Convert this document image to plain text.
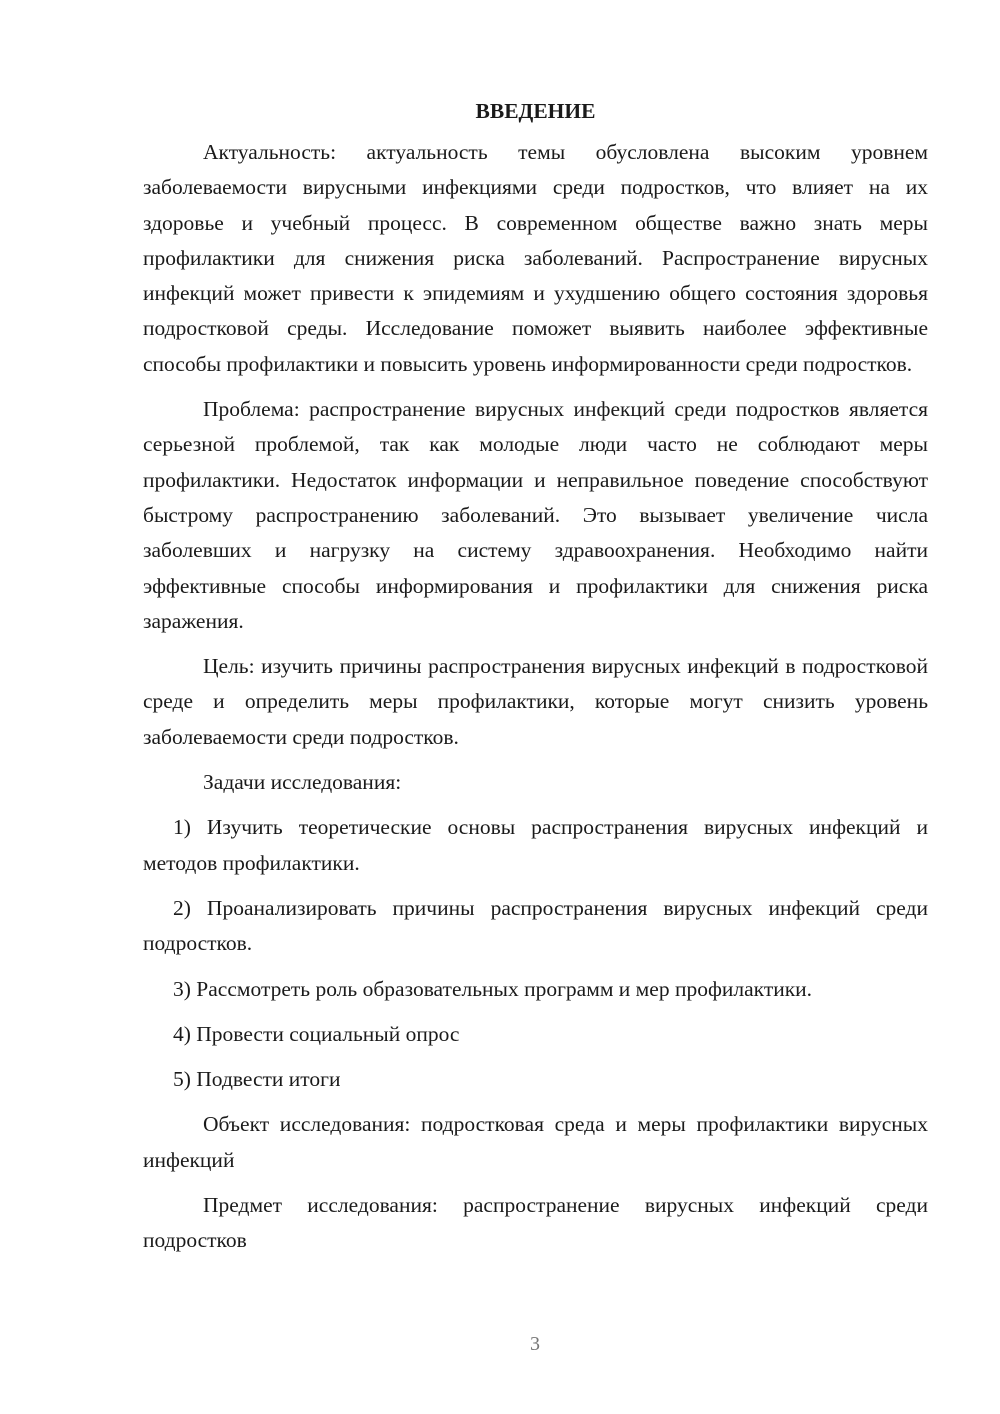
ВВЕДЕНИЕ

Актуальность: актуальность темы обусловлена высоким уровнем заболеваемости вирусными инфекциями среди подростков, что влияет на их здоровье и учебный процесс. В современном обществе важно знать меры профилактики для снижения риска заболеваний. Распространение вирусных инфекций может привести к эпидемиям и ухудшению общего состояния здоровья подростковой среды. Исследование поможет выявить наиболее эффективные способы профилактики и повысить уровень информированности среди подростков.

Проблема: распространение вирусных инфекций среди подростков является серьезной проблемой, так как молодые люди часто не соблюдают меры профилактики. Недостаток информации и неправильное поведение способствуют быстрому распространению заболеваний. Это вызывает увеличение числа заболевших и нагрузку на систему здравоохранения. Необходимо найти эффективные способы информирования и профилактики для снижения риска заражения.

Цель: изучить причины распространения вирусных инфекций в подростковой среде и определить меры профилактики, которые могут снизить уровень заболеваемости среди подростков.

Задачи исследования:

1) Изучить теоретические основы распространения вирусных инфекций и методов профилактики.

2) Проанализировать причины распространения вирусных инфекций среди подростков.

3) Рассмотреть роль образовательных программ и мер профилактики.

4) Провести социальный опрос

5) Подвести итоги

Объект исследования: подростковая среда и меры профилактики вирусных инфекций

Предмет исследования: распространение вирусных инфекций среди подростков

3
